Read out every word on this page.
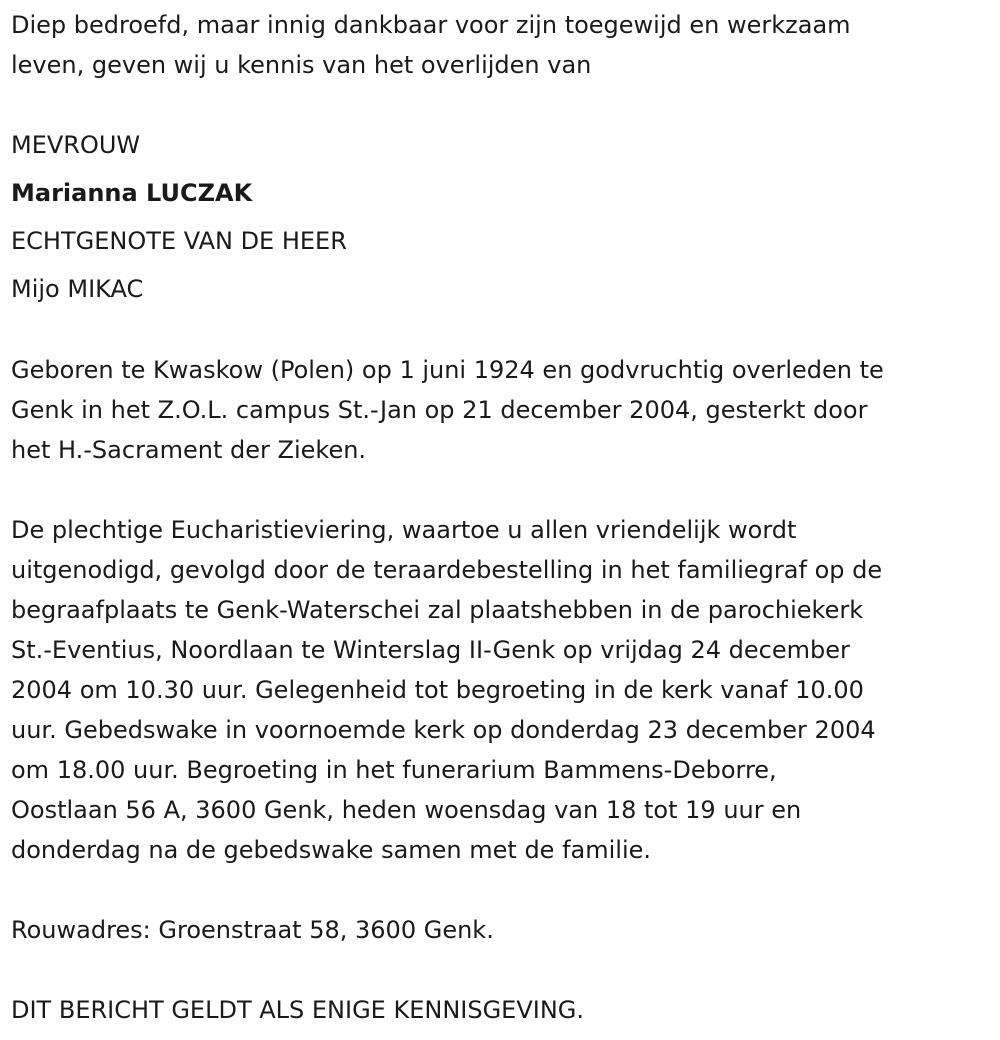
Diep bedroefd, maar innig dankbaar voor zijn toegewijd en werkzaam
leven, geven wij u kennis van het overlijden van
MEVROUW
Marianna LUCZAK
ECHTGENOTE VAN DE HEER
Mijo MIKAC
Geboren te Kwaskow (Polen) op 1 juni 1924 en godvruchtig overleden te
Genk in het Z.O.L. campus St.-Jan op 21 december 2004, gesterkt door
het H.-Sacrament der Zieken.
De plechtige Eucharistieviering, waartoe u allen vriendelijk wordt
uitgenodigd, gevolgd door de teraardebestelling in het familiegraf op de
begraafplaats te Genk-Waterschei zal plaatshebben in de parochiekerk
St.-Eventius, Noordlaan te Winterslag II-Genk op vrijdag 24 december
2004 om 10.30 uur. Gelegenheid tot begroeting in de kerk vanaf 10.00
uur. Gebedswake in voornoemde kerk op donderdag 23 december 2004
om 18.00 uur. Begroeting in het funerarium Bammens-Deborre,
Oostlaan 56 A, 3600 Genk, heden woensdag van 18 tot 19 uur en
donderdag na de gebedswake samen met de familie.
Rouwadres: Groenstraat 58, 3600 Genk.
DIT BERICHT GELDT ALS ENIGE KENNISGEVING.
